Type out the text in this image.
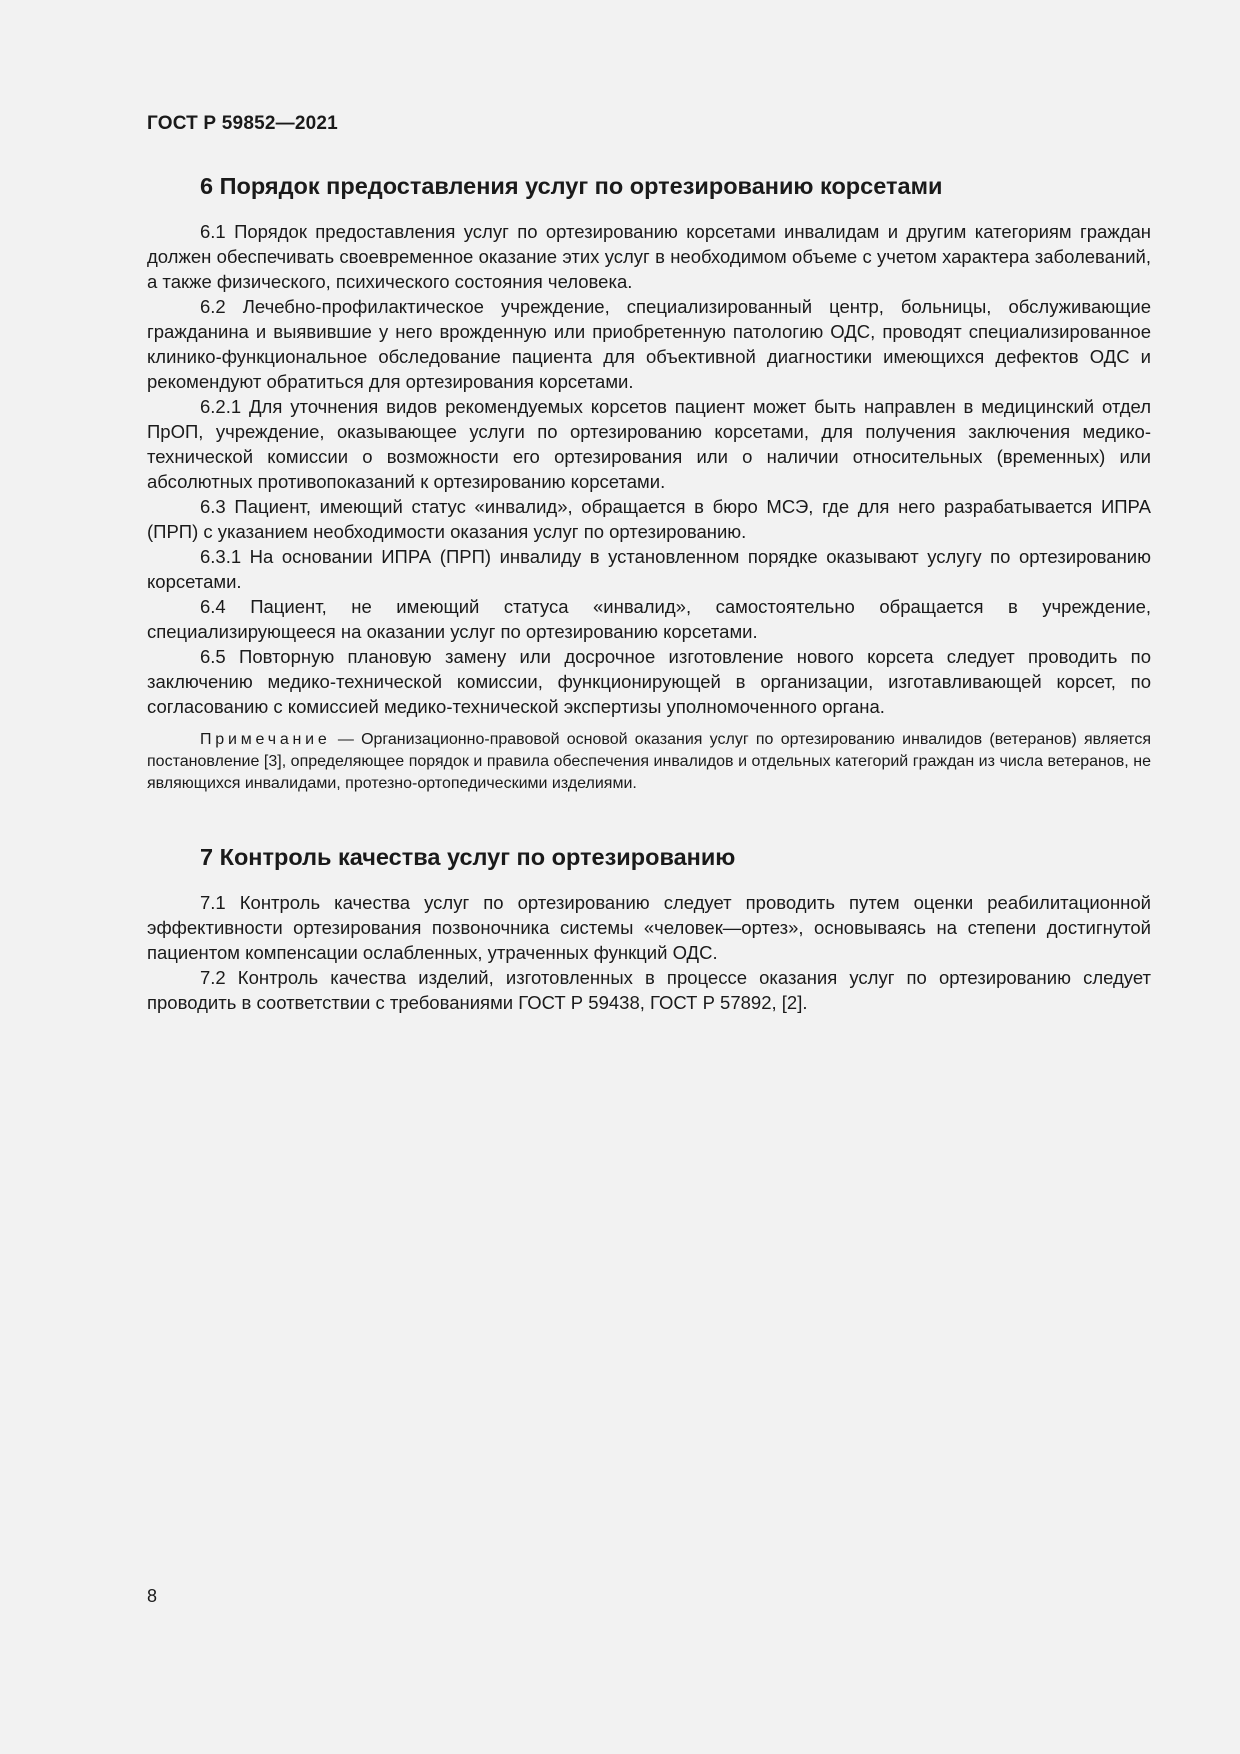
ГОСТ Р 59852—2021
6 Порядок предоставления услуг по ортезированию корсетами

6.1 Порядок предоставления услуг по ортезированию корсетами инвалидам и другим категориям граждан должен обеспечивать своевременное оказание этих услуг в необходимом объеме с учетом характера заболеваний, а также физического, психического состояния человека.

6.2 Лечебно-профилактическое учреждение, специализированный центр, больницы, обслуживающие гражданина и выявившие у него врожденную или приобретенную патологию ОДС, проводят специализированное клинико-функциональное обследование пациента для объективной диагностики имеющихся дефектов ОДС и рекомендуют обратиться для ортезирования корсетами.

6.2.1 Для уточнения видов рекомендуемых корсетов пациент может быть направлен в медицинский отдел ПрОП, учреждение, оказывающее услуги по ортезированию корсетами, для получения заключения медико-технической комиссии о возможности его ортезирования или о наличии относительных (временных) или абсолютных противопоказаний к ортезированию корсетами.

6.3 Пациент, имеющий статус «инвалид», обращается в бюро МСЭ, где для него разрабатывается ИПРА (ПРП) с указанием необходимости оказания услуг по ортезированию.

6.3.1 На основании ИПРА (ПРП) инвалиду в установленном порядке оказывают услугу по ортезированию корсетами.

6.4 Пациент, не имеющий статуса «инвалид», самостоятельно обращается в учреждение, специализирующееся на оказании услуг по ортезированию корсетами.

6.5 Повторную плановую замену или досрочное изготовление нового корсета следует проводить по заключению медико-технической комиссии, функционирующей в организации, изготавливающей корсет, по согласованию с комиссией медико-технической экспертизы уполномоченного органа.

Примечание — Организационно-правовой основой оказания услуг по ортезированию инвалидов (ветеранов) является постановление [3], определяющее порядок и правила обеспечения инвалидов и отдельных категорий граждан из числа ветеранов, не являющихся инвалидами, протезно-ортопедическими изделиями.

7 Контроль качества услуг по ортезированию

7.1 Контроль качества услуг по ортезированию следует проводить путем оценки реабилитационной эффективности ортезирования позвоночника системы «человек—ортез», основываясь на степени достигнутой пациентом компенсации ослабленных, утраченных функций ОДС.

7.2 Контроль качества изделий, изготовленных в процессе оказания услуг по ортезированию следует проводить в соответствии с требованиями ГОСТ Р 59438, ГОСТ Р 57892, [2].

8
